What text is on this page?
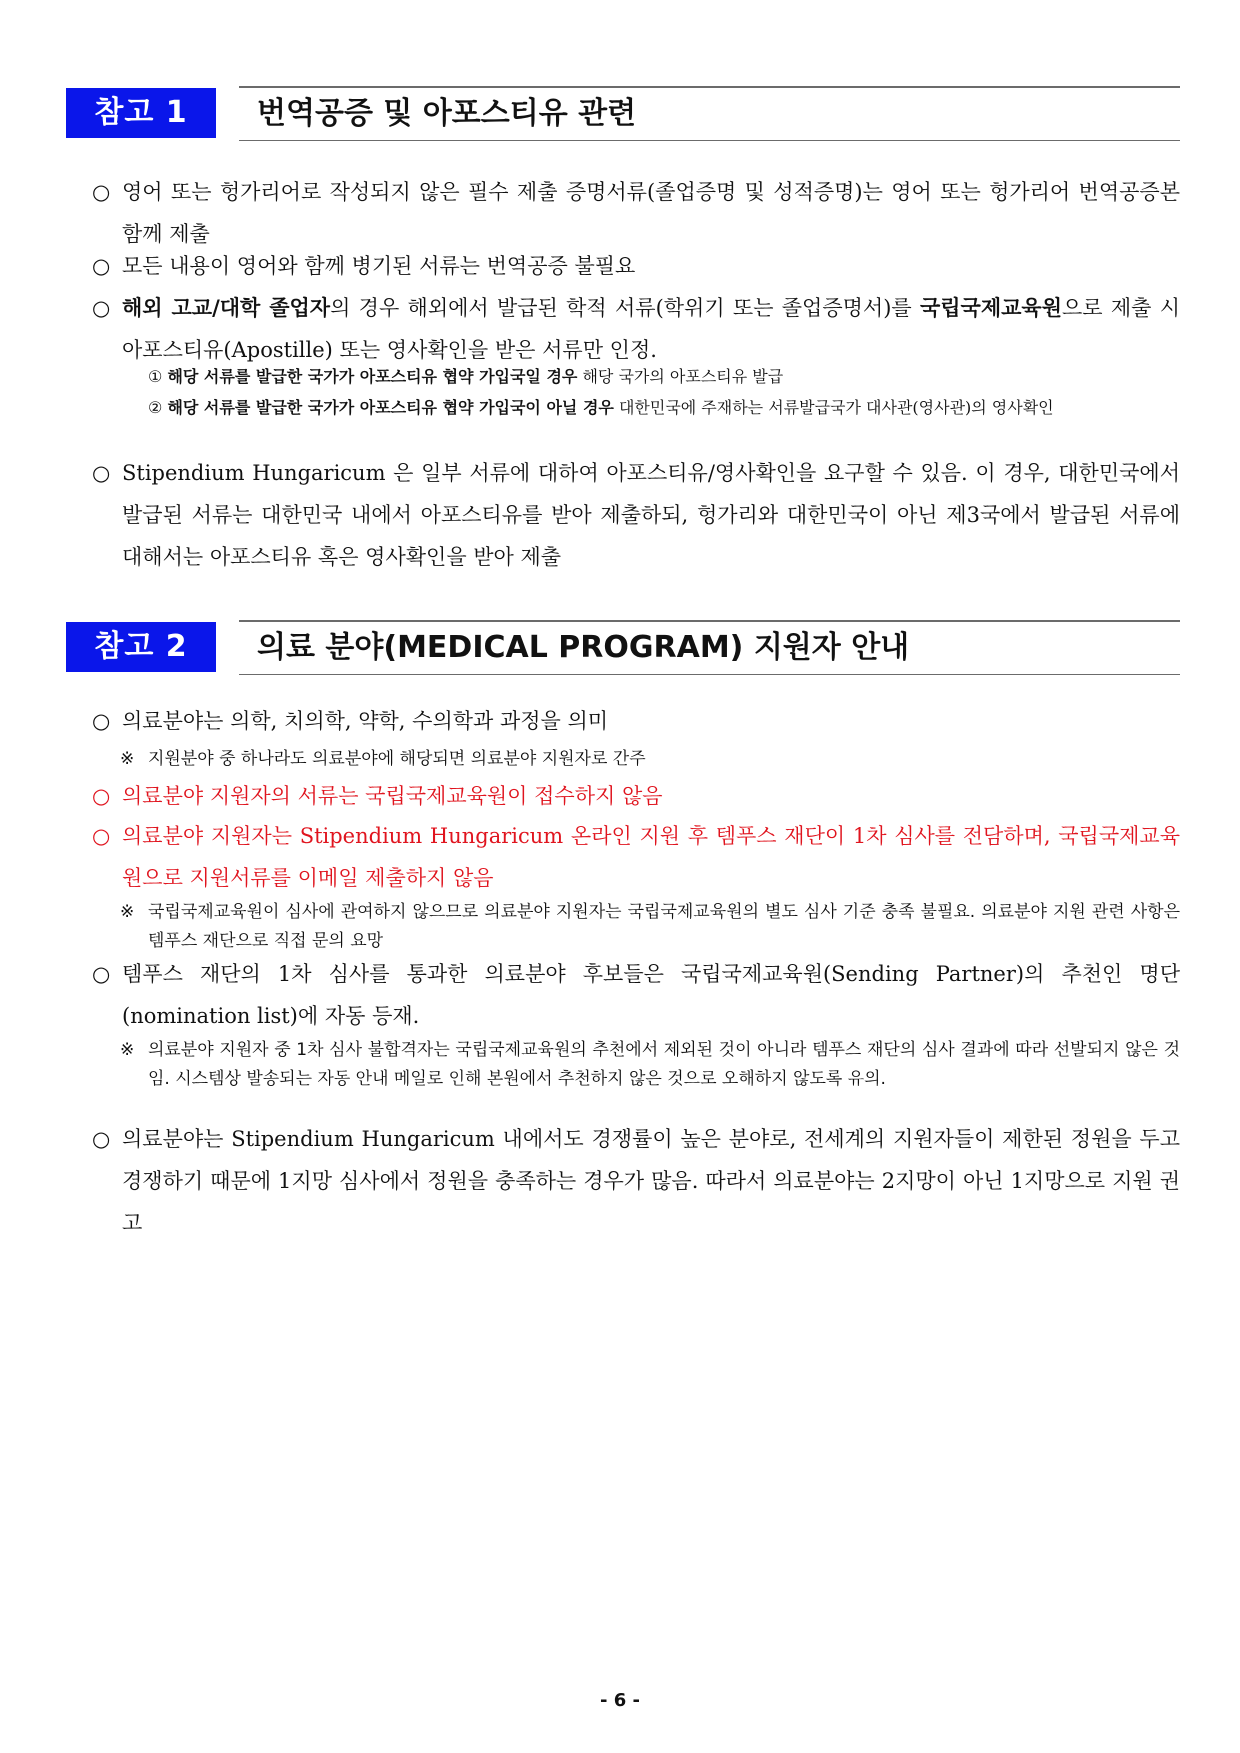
참고 1	번역공증 및 아포스티유 관련
○ 영어 또는 헝가리어로 작성되지 않은 필수 제출 증명서류(졸업증명 및 성적증명)는 영어 또는 헝가리어 번역공증본 함께 제출
○ 모든 내용이 영어와 함께 병기된 서류는 번역공증 불필요
○ 해외 고교/대학 졸업자의 경우 해외에서 발급된 학적 서류(학위기 또는 졸업증명서)를 국립국제교육원으로 제출 시 아포스티유(Apostille) 또는 영사확인을 받은 서류만 인정.
① 해당 서류를 발급한 국가가 아포스티유 협약 가입국일 경우 해당 국가의 아포스티유 발급
② 해당 서류를 발급한 국가가 아포스티유 협약 가입국이 아닐 경우 대한민국에 주재하는 서류발급국가 대사관(영사관)의 영사확인
○ Stipendium Hungaricum 은 일부 서류에 대하여 아포스티유/영사확인을 요구할 수 있음. 이 경우, 대한민국에서 발급된 서류는 대한민국 내에서 아포스티유를 받아 제출하되, 헝가리와 대한민국이 아닌 제3국에서 발급된 서류에 대해서는 아포스티유 혹은 영사확인을 받아 제출
참고 2	의료 분야(MEDICAL PROGRAM) 지원자 안내
○ 의료분야는 의학, 치의학, 약학, 수의학과 과정을 의미
※ 지원분야 중 하나라도 의료분야에 해당되면 의료분야 지원자로 간주
○ 의료분야 지원자의 서류는 국립국제교육원이 접수하지 않음
○ 의료분야 지원자는 Stipendium Hungaricum 온라인 지원 후 템푸스 재단이 1차 심사를 전담하며, 국립국제교육원으로 지원서류를 이메일 제출하지 않음
※ 국립국제교육원이 심사에 관여하지 않으므로 의료분야 지원자는 국립국제교육원의 별도 심사 기준 충족 불필요. 의료분야 지원 관련 사항은 템푸스 재단으로 직접 문의 요망
○ 템푸스 재단의 1차 심사를 통과한 의료분야 후보들은 국립국제교육원(Sending Partner)의 추천인 명단(nomination list)에 자동 등재.
※ 의료분야 지원자 중 1차 심사 불합격자는 국립국제교육원의 추천에서 제외된 것이 아니라 템푸스 재단의 심사 결과에 따라 선발되지 않은 것임. 시스템상 발송되는 자동 안내 메일로 인해 본원에서 추천하지 않은 것으로 오해하지 않도록 유의.
○ 의료분야는 Stipendium Hungaricum 내에서도 경쟁률이 높은 분야로, 전세계의 지원자들이 제한된 정원을 두고 경쟁하기 때문에 1지망 심사에서 정원을 충족하는 경우가 많음. 따라서 의료분야는 2지망이 아닌 1지망으로 지원 권고
- 6 -
